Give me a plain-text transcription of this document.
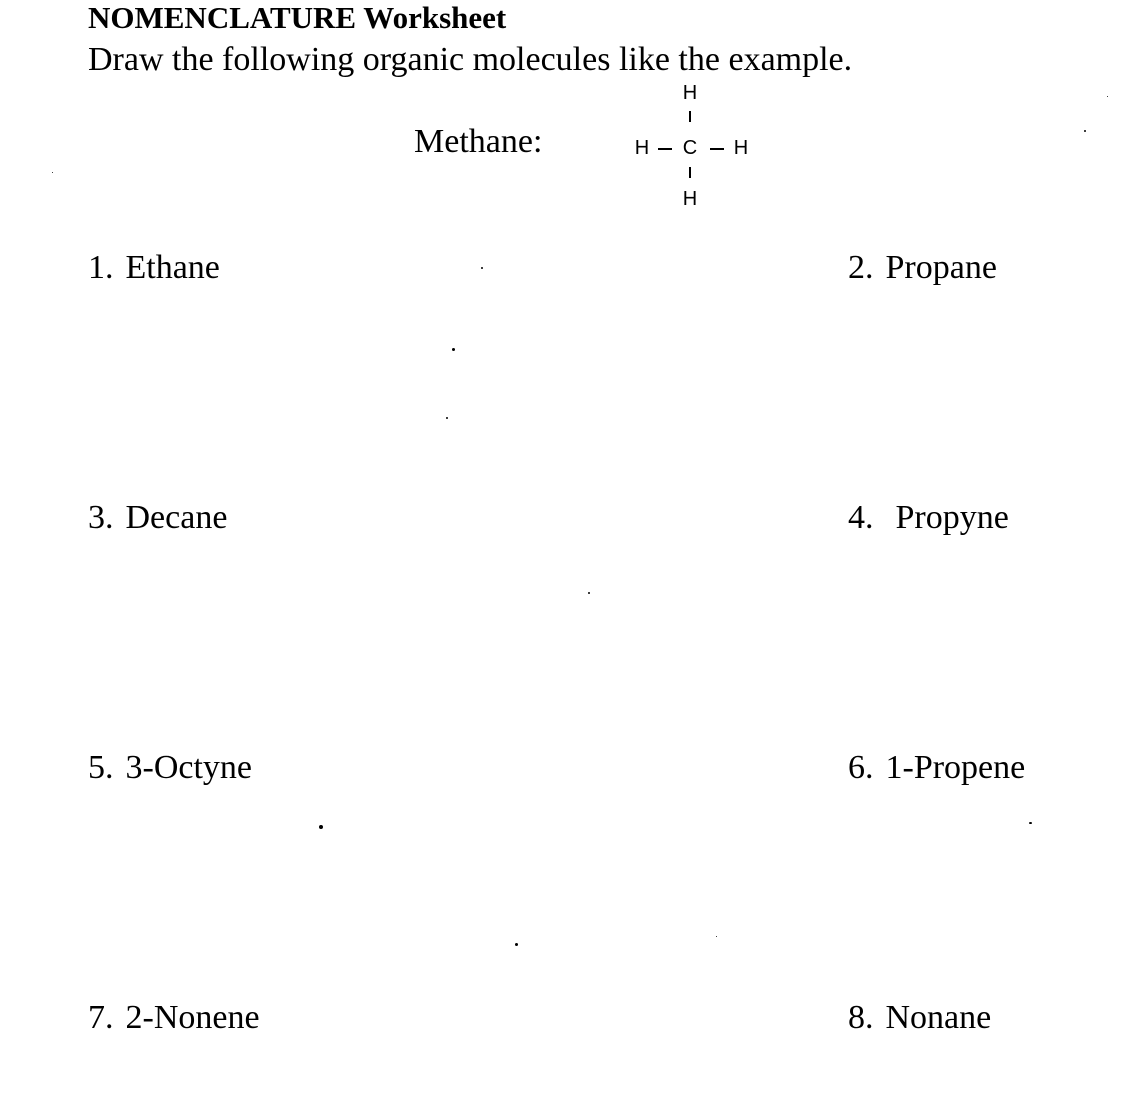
NOMENCLATURE Worksheet
Draw the following organic molecules like the example.
Methane:
H
H C H
H
1. Ethane	2. Propane
3. Decane	4. Propyne
5. 3-Octyne	6. 1-Propene
7. 2-Nonene	8. Nonane
